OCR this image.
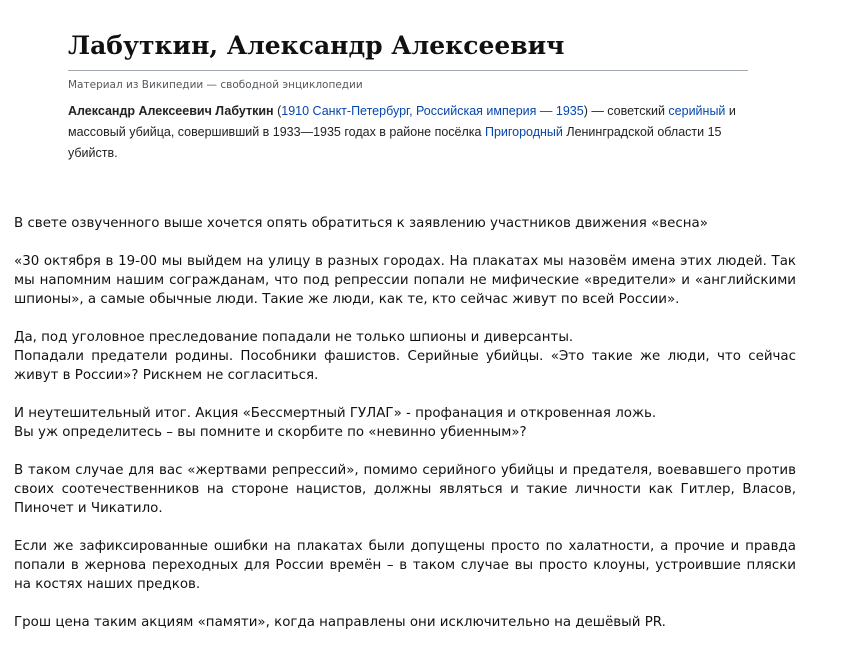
Лабуткин, Александр Алексеевич
Материал из Википедии — свободной энциклопедии
Александр Алексеевич Лабуткин (1910 Санкт-Петербург, Российская империя — 1935) — советский серийный и массовый убийца, совершивший в 1933—1935 годах в районе посёлка Пригородный Ленинградской области 15 убийств.

В свете озвученного выше хочется опять обратиться к заявлению участников движения «весна»

«30 октября в 19-00 мы выйдем на улицу в разных городах. На плакатах мы назовём имена этих людей. Так мы напомним нашим согражданам, что под репрессии попали не мифические «вредители» и «английскими шпионы», а самые обычные люди. Такие же люди, как те, кто сейчас живут по всей России».

Да, под уголовное преследование попадали не только шпионы и диверсанты.

Попадали предатели родины. Пособники фашистов. Серийные убийцы. «Это такие же люди, что сейчас живут в России»? Рискнем не согласиться.

И неутешительный итог. Акция «Бессмертный ГУЛАГ» - профанация и откровенная ложь.

Вы уж определитесь – вы помните и скорбите по «невинно убиенным»?

В таком случае для вас «жертвами репрессий», помимо серийного убийцы и предателя, воевавшего против своих соотечественников на стороне нацистов, должны являться и такие личности как Гитлер, Власов, Пиночет и Чикатило.

Если же зафиксированные ошибки на плакатах были допущены просто по халатности, а прочие и правда попали в жернова переходных для России времён – в таком случае вы просто клоуны, устроившие пляски на костях наших предков.

Грош цена таким акциям «памяти», когда направлены они исключительно на дешёвый PR.
